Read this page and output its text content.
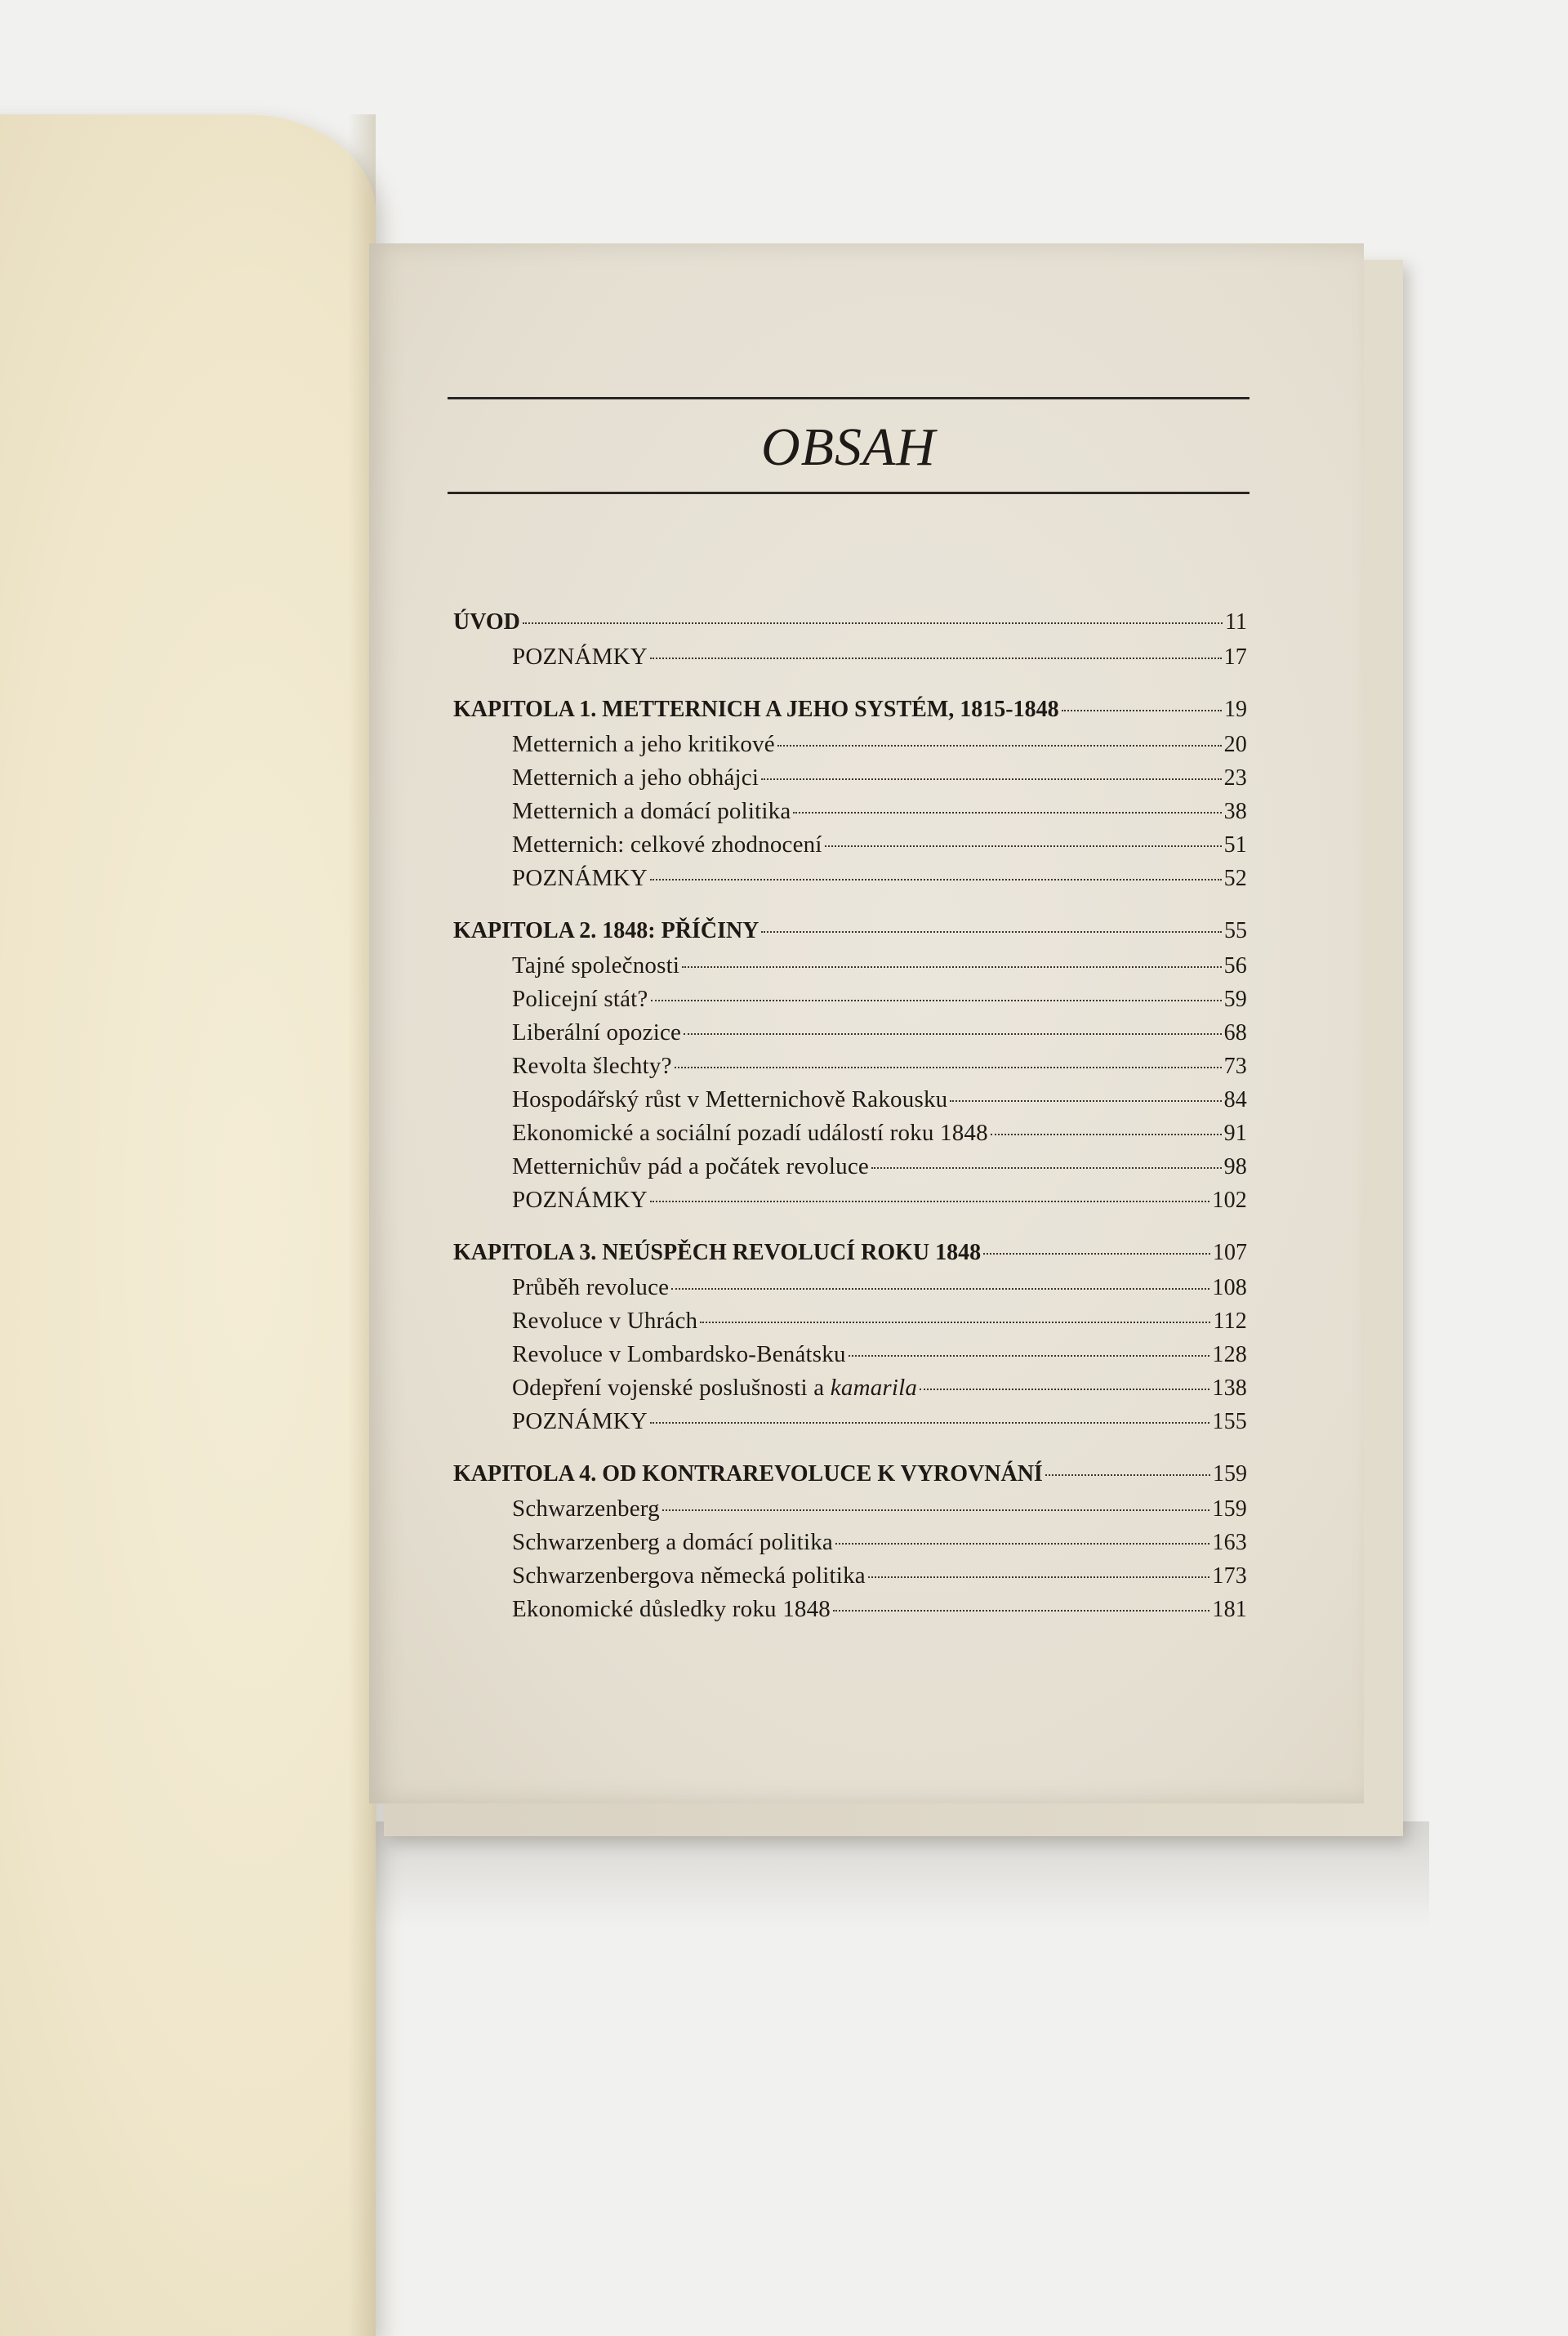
OBSAH
ÚVOD	11
POZNÁMKY	17
KAPITOLA 1. METTERNICH A JEHO SYSTÉM, 1815-1848	19
Metternich a jeho kritikové	20
Metternich a jeho obhájci	23
Metternich a domácí politika	38
Metternich: celkové zhodnocení	51
POZNÁMKY	52
KAPITOLA 2. 1848: PŘÍČINY	55
Tajné společnosti	56
Policejní stát?	59
Liberální opozice	68
Revolta šlechty?	73
Hospodářský růst v Metternichově Rakousku	84
Ekonomické a sociální pozadí událostí roku 1848	91
Metternichův pád a počátek revoluce	98
POZNÁMKY	102
KAPITOLA 3. NEÚSPĚCH REVOLUCÍ ROKU 1848	107
Průběh revoluce	108
Revoluce v Uhrách	112
Revoluce v Lombardsko-Benátsku	128
Odepření vojenské poslušnosti a kamarila	138
POZNÁMKY	155
KAPITOLA 4. OD KONTRAREVOLUCE K VYROVNÁNÍ	159
Schwarzenberg	159
Schwarzenberg a domácí politika	163
Schwarzenbergova německá politika	173
Ekonomické důsledky roku 1848	181
